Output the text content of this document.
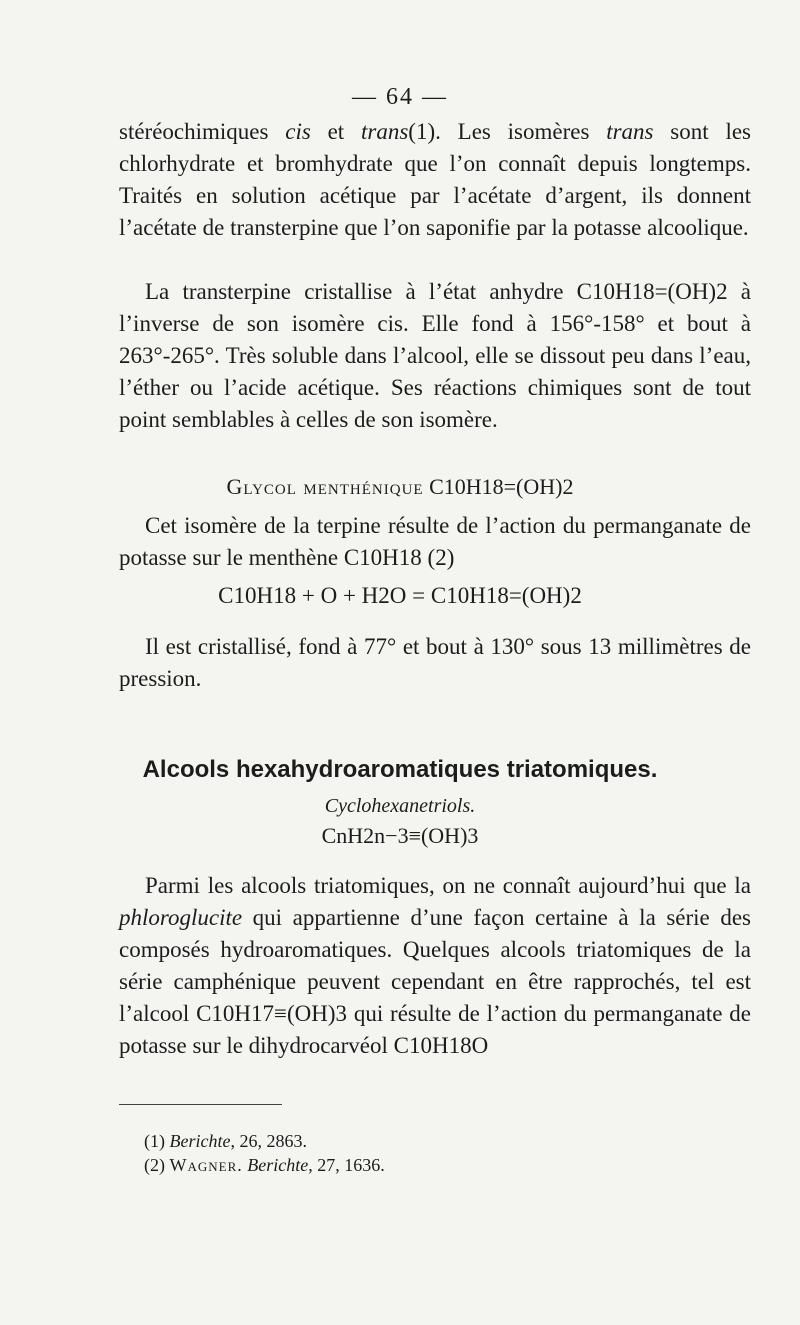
— 64 —

stéréochimiques cis et trans(1). Les isomères trans sont les chlorhydrate et bromhydrate que l’on connaît depuis longtemps. Traités en solution acétique par l’acétate d’argent, ils donnent l’acétate de transterpine que l’on saponifie par la potasse alcoolique.

La transterpine cristallise à l’état anhydre C10H18=(OH)2 à l’inverse de son isomère cis. Elle fond à 156°-158° et bout à 263°-265°. Très soluble dans l’alcool, elle se dissout peu dans l’eau, l’éther ou l’acide acétique. Ses réactions chimiques sont de tout point semblables à celles de son isomère.

Glycol menthénique C10H18=(OH)2

Cet isomère de la terpine résulte de l’action du permanganate de potasse sur le menthène C10H18 (2)

C10H18 + O + H2O = C10H18=(OH)2

Il est cristallisé, fond à 77° et bout à 130° sous 13 millimètres de pression.

Alcools hexahydroaromatiques triatomiques.
Cyclohexanetriols.
CnH2n−3≡(OH)3

Parmi les alcools triatomiques, on ne connaît aujourd’hui que la phloroglucite qui appartienne d’une façon certaine à la série des composés hydroaromatiques. Quelques alcools triatomiques de la série camphénique peuvent cependant en être rapprochés, tel est l’alcool C10H17≡(OH)3 qui résulte de l’action du permanganate de potasse sur le dihydrocarvéol C10H18O

(1) Berichte, 26, 2863.
(2) Wagner. Berichte, 27, 1636.
